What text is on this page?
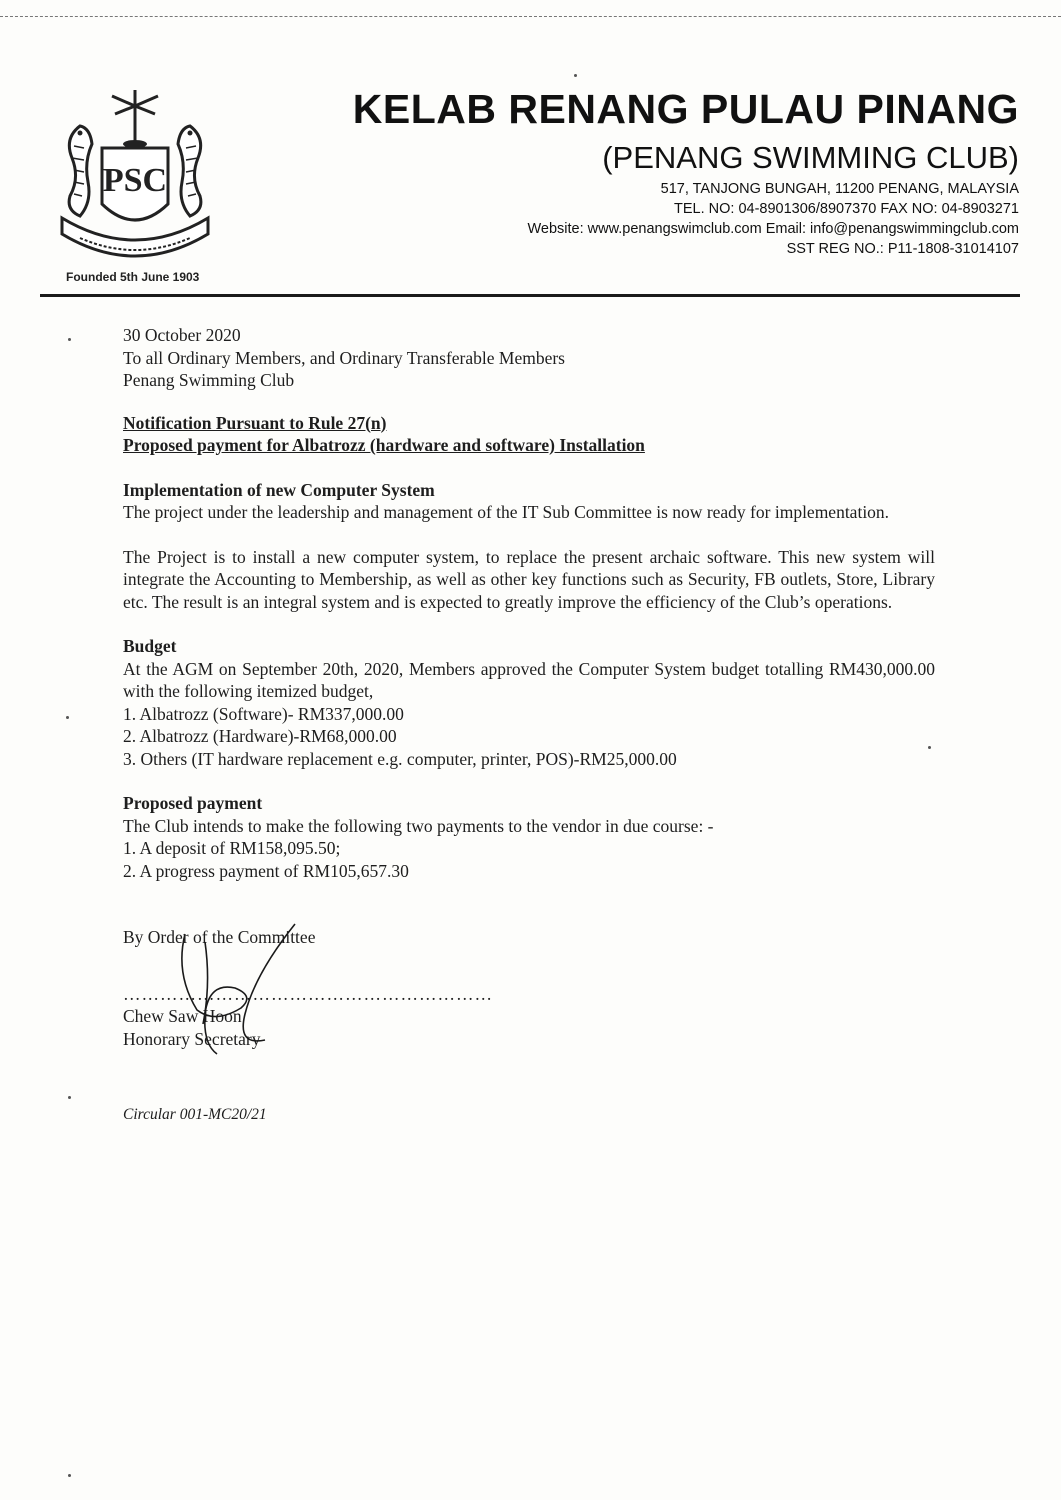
PSC
Founded 5th June 1903
KELAB RENANG PULAU PINANG
(PENANG SWIMMING CLUB)
517, TANJONG BUNGAH, 11200 PENANG, MALAYSIA
TEL. NO: 04-8901306/8907370 FAX NO: 04-8903271
Website: www.penangswimclub.com Email: info@penangswimmingclub.com
SST REG NO.: P11-1808-31014107

30 October 2020

To all Ordinary Members, and Ordinary Transferable Members

Penang Swimming Club

Notification Pursuant to Rule 27(n)

Proposed payment for Albatrozz (hardware and software) Installation

Implementation of new Computer System

The project under the leadership and management of the IT Sub Committee is now ready for implementation.

The Project is to install a new computer system, to replace the present archaic software. This new system will integrate the Accounting to Membership, as well as other key functions such as Security, FB outlets, Store, Library etc. The result is an integral system and is expected to greatly improve the efficiency of the Club’s operations.

Budget

At the AGM on September 20th, 2020, Members approved the Computer System budget totalling RM430,000.00 with the following itemized budget,

1. Albatrozz (Software)- RM337,000.00

2. Albatrozz (Hardware)-RM68,000.00

3. Others (IT hardware replacement e.g. computer, printer, POS)-RM25,000.00

Proposed payment

The Club intends to make the following two payments to the vendor in due course: -

1. A deposit of RM158,095.50;

2. A progress payment of RM105,657.30

By Order of the Committee

……………………………………………………

Chew Saw Hoon

Honorary Secretary

Circular 001-MC20/21
